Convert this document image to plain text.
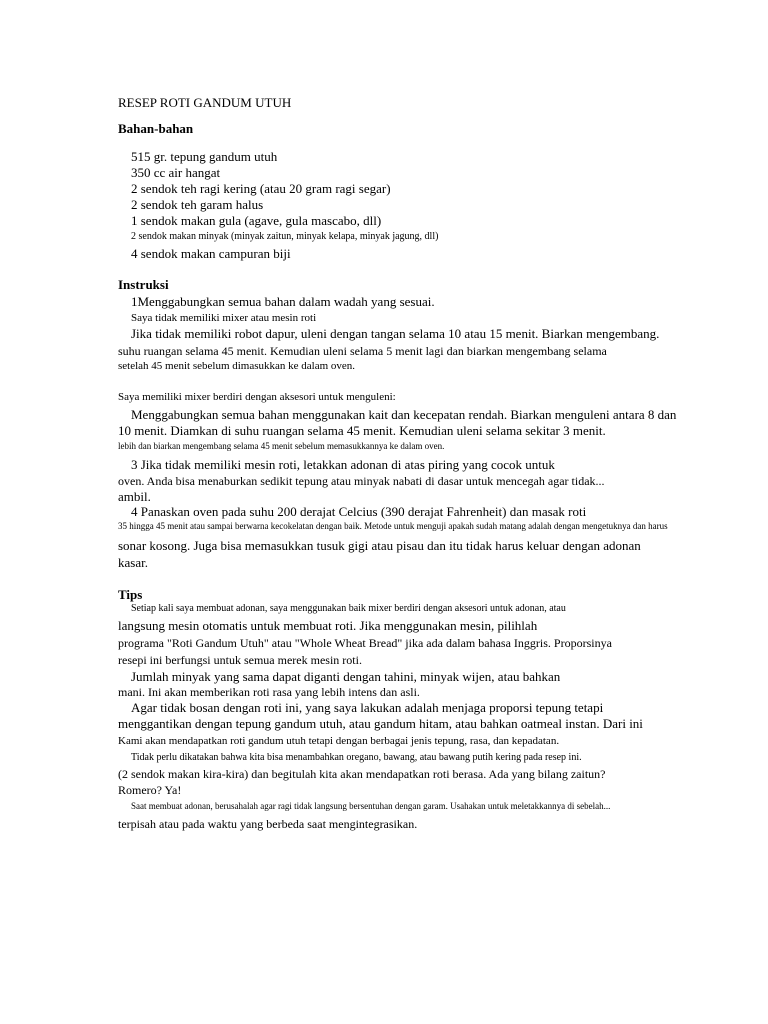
RESEP ROTI GANDUM UTUH
Bahan-bahan
515 gr. tepung gandum utuh
350 cc air hangat
2 sendok teh ragi kering (atau 20 gram ragi segar)
2 sendok teh garam halus
1 sendok makan gula (agave, gula mascabo, dll)
2 sendok makan minyak (minyak zaitun, minyak kelapa, minyak jagung, dll)
4 sendok makan campuran biji
Instruksi
1Menggabungkan semua bahan dalam wadah yang sesuai.
Saya tidak memiliki mixer atau mesin roti
Jika tidak memiliki robot dapur, uleni dengan tangan selama 10 atau 15 menit. Biarkan mengembang.
suhu ruangan selama 45 menit. Kemudian uleni selama 5 menit lagi dan biarkan mengembang selama
setelah 45 menit sebelum dimasukkan ke dalam oven.
Saya memiliki mixer berdiri dengan aksesori untuk menguleni:
Menggabungkan semua bahan menggunakan kait dan kecepatan rendah. Biarkan menguleni antara 8 dan
10 menit. Diamkan di suhu ruangan selama 45 menit. Kemudian uleni selama sekitar 3 menit.
lebih dan biarkan mengembang selama 45 menit sebelum memasukkannya ke dalam oven.
3 Jika tidak memiliki mesin roti, letakkan adonan di atas piring yang cocok untuk
oven. Anda bisa menaburkan sedikit tepung atau minyak nabati di dasar untuk mencegah agar tidak...
ambil.
4 Panaskan oven pada suhu 200 derajat Celcius (390 derajat Fahrenheit) dan masak roti
35 hingga 45 menit atau sampai berwarna kecokelatan dengan baik. Metode untuk menguji apakah sudah matang adalah dengan mengetuknya dan harus
sonar kosong. Juga bisa memasukkan tusuk gigi atau pisau dan itu tidak harus keluar dengan adonan
kasar.
Tips
Setiap kali saya membuat adonan, saya menggunakan baik mixer berdiri dengan aksesori untuk adonan, atau
langsung mesin otomatis untuk membuat roti. Jika menggunakan mesin, pilihlah
programa "Roti Gandum Utuh" atau "Whole Wheat Bread" jika ada dalam bahasa Inggris. Proporsinya
resepi ini berfungsi untuk semua merek mesin roti.
Jumlah minyak yang sama dapat diganti dengan tahini, minyak wijen, atau bahkan
mani. Ini akan memberikan roti rasa yang lebih intens dan asli.
Agar tidak bosan dengan roti ini, yang saya lakukan adalah menjaga proporsi tepung tetapi
menggantikan dengan tepung gandum utuh, atau gandum hitam, atau bahkan oatmeal instan. Dari ini
Kami akan mendapatkan roti gandum utuh tetapi dengan berbagai jenis tepung, rasa, dan kepadatan.
Tidak perlu dikatakan bahwa kita bisa menambahkan oregano, bawang, atau bawang putih kering pada resep ini.
(2 sendok makan kira-kira) dan begitulah kita akan mendapatkan roti berasa. Ada yang bilang zaitun?
Romero? Ya!
Saat membuat adonan, berusahalah agar ragi tidak langsung bersentuhan dengan garam. Usahakan untuk meletakkannya di sebelah...
terpisah atau pada waktu yang berbeda saat mengintegrasikan.
